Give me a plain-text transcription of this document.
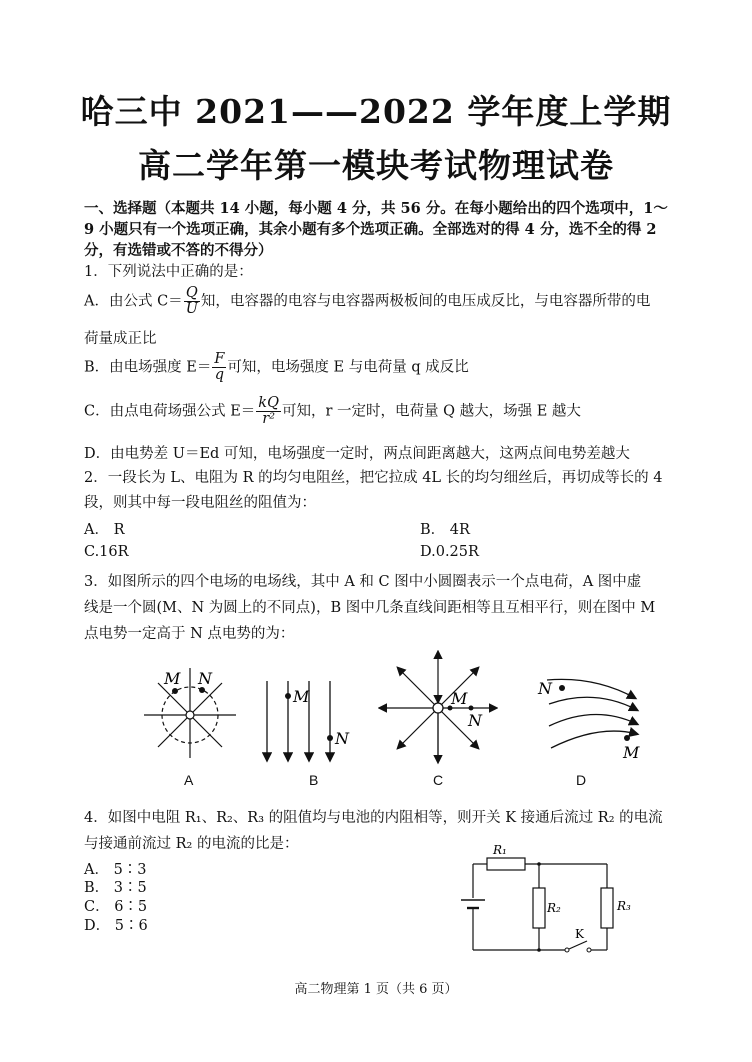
哈三中 2021——2022 学年度上学期
高二学年第一模块考试物理试卷
一、选择题（本题共 14 小题，每小题 4 分，共 56 分。在每小题给出的四个选项中，1～
9 小题只有一个选项正确，其余小题有多个选项正确。全部选对的得 4 分，选不全的得 2
分，有选错或不答的不得分）
1．下列说法中正确的是：
A．由公式 $C= \frac{Q}{U}$ 知，电容器的电容与电容器两极板间的电压成反比，与电容器所带的电
荷量成正比
B．由电场强度 $E= \frac{F}{q}$ 可知，电场强度 E 与电荷量 q 成反比
C．由点电荷场强公式 $E= \frac{kQ}{\text{r²}}$ 可知，r 一定时，电荷量 Q 越大，场强 E 越大
D．由电势差 U＝Ed 可知，电场强度一定时，两点间距离越大，这两点间电势差越大
2．一段长为 L、电阻为 R 的均匀电阻丝，把它拉成 4L 长的均匀细丝后，再切成等长的 4
段，则其中每一段电阻丝的阻值为：
A． R	B． 4R
C.16R	D.0.25R
3．如图所示的四个电场的电场线，其中 A 和 C 图中小圆圈表示一个点电荷，A 图中虚
线是一个圆(M、N 为圆上的不同点)，B 图中几条直线间距相等且互相平行，则在图中 M
点电势一定高于 N 点电势的为：
M N
A
M
N
B
M
N
C
N
M
D
4．如图中电阻 R₁、R₂、R₃ 的阻值均与电池的内阻相等，则开关 K 接通后流过 R₂ 的电流
与接通前流过 R₂ 的电流的比是：
A． 5∶3
B． 3∶5
C． 6∶5
D． 5∶6
R₁
R₂	R₃
K
高二物理第 1 页（共 6 页）
